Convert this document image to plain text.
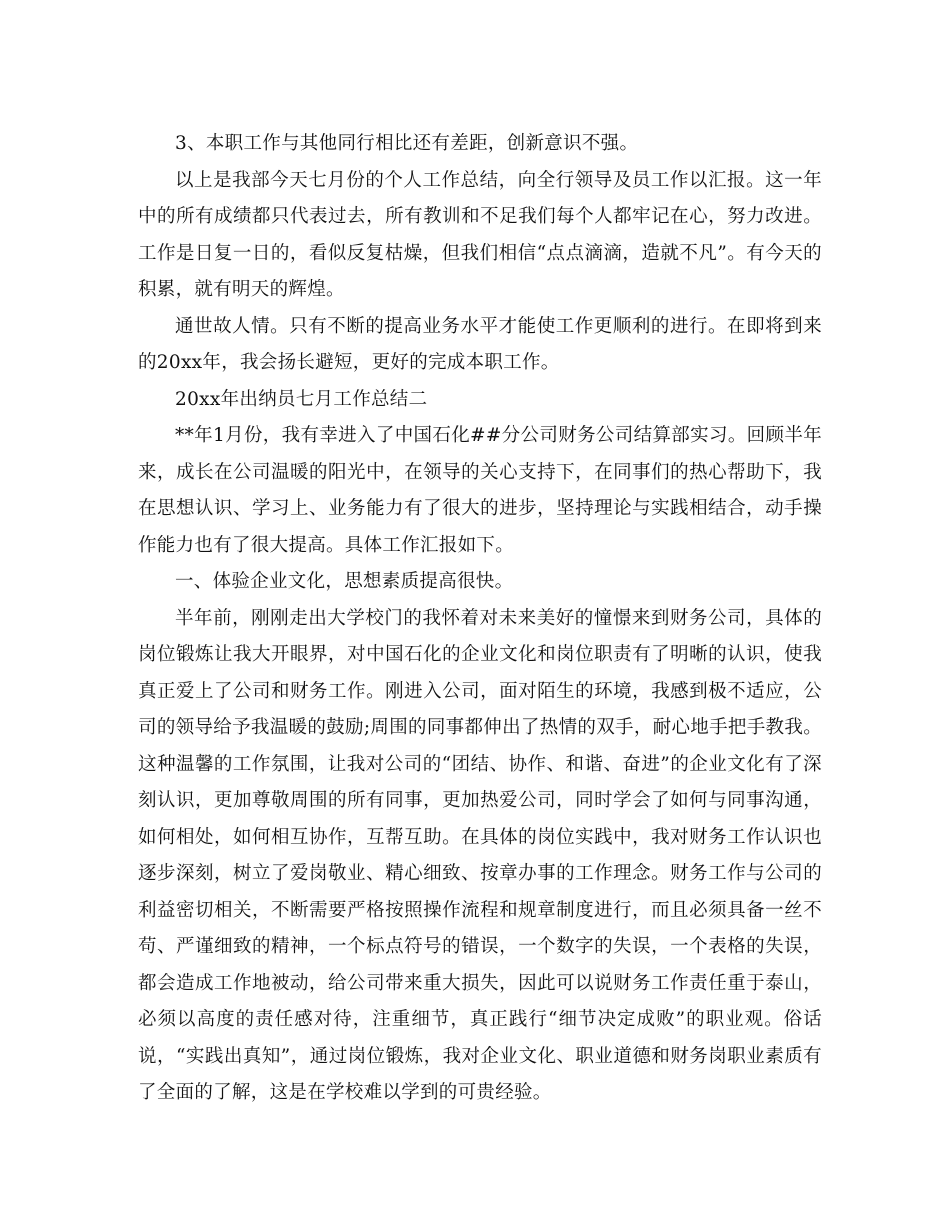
3、本职工作与其他同行相比还有差距，创新意识不强。

以上是我部今天七月份的个人工作总结，向全行领导及员工作以汇报。这一年中的所有成绩都只代表过去，所有教训和不足我们每个人都牢记在心，努力改进。工作是日复一日的，看似反复枯燥，但我们相信“点点滴滴，造就不凡”。有今天的积累，就有明天的辉煌。

通世故人情。只有不断的提高业务水平才能使工作更顺利的进行。在即将到来的20xx年，我会扬长避短，更好的完成本职工作。

20xx年出纳员七月工作总结二

**年1月份，我有幸进入了中国石化##分公司财务公司结算部实习。回顾半年来，成长在公司温暖的阳光中，在领导的关心支持下，在同事们的热心帮助下，我在思想认识、学习上、业务能力有了很大的进步，坚持理论与实践相结合，动手操作能力也有了很大提高。具体工作汇报如下。

一、体验企业文化，思想素质提高很快。

半年前，刚刚走出大学校门的我怀着对未来美好的憧憬来到财务公司，具体的岗位锻炼让我大开眼界，对中国石化的企业文化和岗位职责有了明晰的认识，使我真正爱上了公司和财务工作。刚进入公司，面对陌生的环境，我感到极不适应，公司的领导给予我温暖的鼓励;周围的同事都伸出了热情的双手，耐心地手把手教我。这种温馨的工作氛围，让我对公司的“团结、协作、和谐、奋进”的企业文化有了深刻认识，更加尊敬周围的所有同事，更加热爱公司，同时学会了如何与同事沟通，如何相处，如何相互协作，互帮互助。在具体的岗位实践中，我对财务工作认识也逐步深刻，树立了爱岗敬业、精心细致、按章办事的工作理念。财务工作与公司的利益密切相关，不断需要严格按照操作流程和规章制度进行，而且必须具备一丝不苟、严谨细致的精神，一个标点符号的错误，一个数字的失误，一个表格的失误，都会造成工作地被动，给公司带来重大损失，因此可以说财务工作责任重于泰山，必须以高度的责任感对待，注重细节，真正践行“细节决定成败”的职业观。俗话说，“实践出真知”，通过岗位锻炼，我对企业文化、职业道德和财务岗职业素质有了全面的了解，这是在学校难以学到的可贵经验。
